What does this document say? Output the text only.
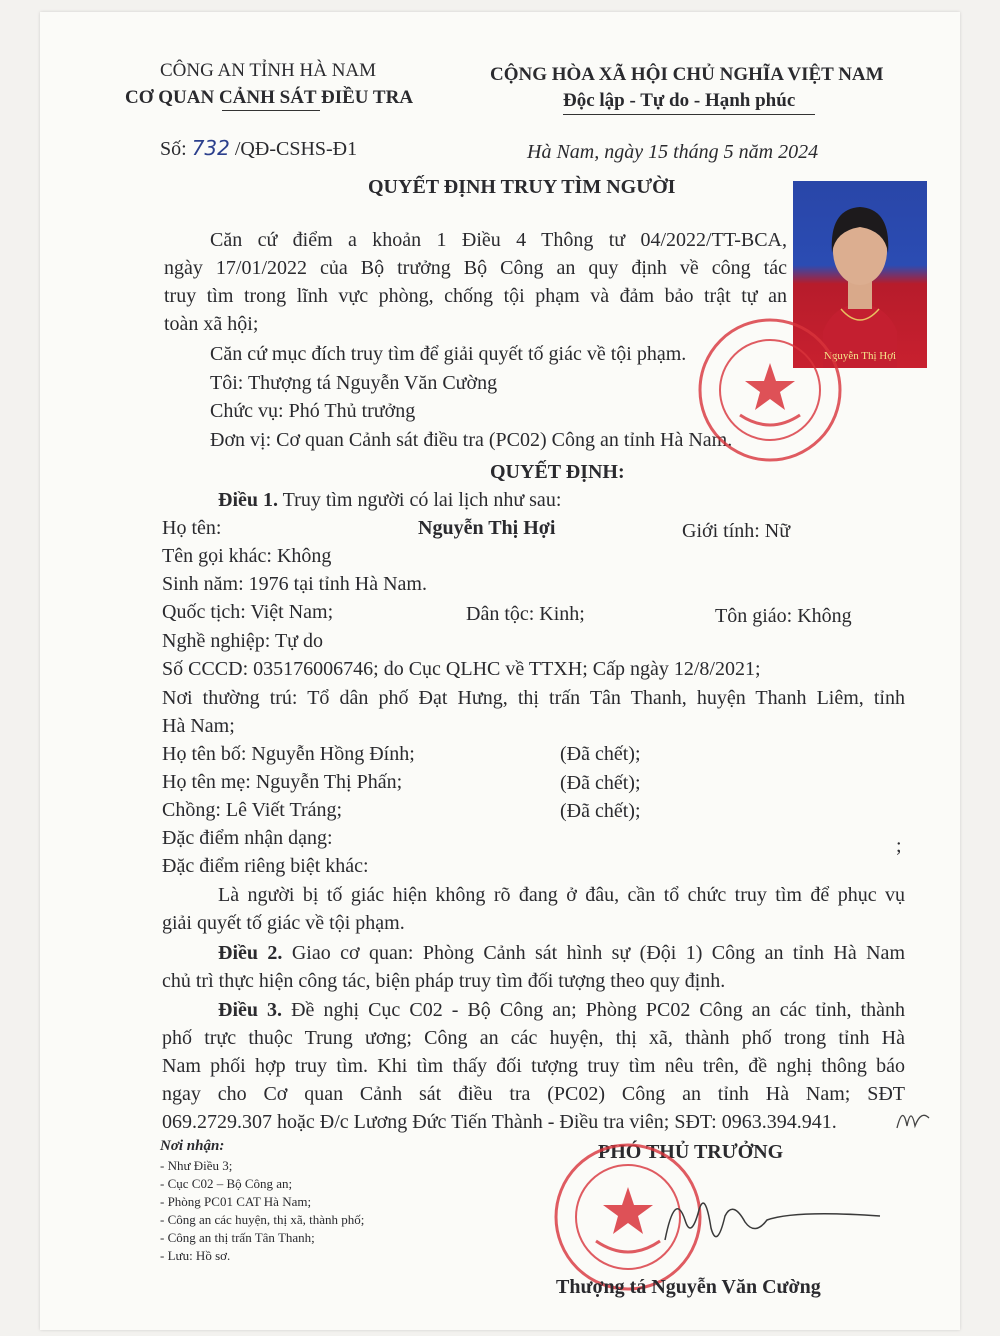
CÔNG AN TỈNH HÀ NAM
CƠ QUAN CẢNH SÁT ĐIỀU TRA
CỘNG HÒA XÃ HỘI CHỦ NGHĨA VIỆT NAM
Độc lập - Tự do - Hạnh phúc
Số: 732 /QĐ-CSHS-Đ1	Hà Nam, ngày 15 tháng 5 năm 2024
QUYẾT ĐỊNH TRUY TÌM NGƯỜI
Nguyễn Thị Hợi
Căn cứ điểm a khoản 1 Điều 4 Thông tư 04/2022/TT-BCA,
ngày 17/01/2022 của Bộ trưởng Bộ Công an quy định về công tác
truy tìm trong lĩnh vực phòng, chống tội phạm và đảm bảo trật tự an
toàn xã hội;
Căn cứ mục đích truy tìm để giải quyết tố giác về tội phạm.
Tôi: Thượng tá Nguyễn Văn Cường
Chức vụ: Phó Thủ trưởng
Đơn vị: Cơ quan Cảnh sát điều tra (PC02) Công an tỉnh Hà Nam.
QUYẾT ĐỊNH:
Điều 1. Truy tìm người có lai lịch như sau:
Họ tên:	Nguyễn Thị Hợi	Giới tính: Nữ
Tên gọi khác: Không
Sinh năm: 1976 tại tỉnh Hà Nam.
Quốc tịch: Việt Nam;	Dân tộc: Kinh;	Tôn giáo: Không
Nghề nghiệp: Tự do
Số CCCD: 035176006746; do Cục QLHC về TTXH; Cấp ngày 12/8/2021;
Nơi thường trú: Tổ dân phố Đạt Hưng, thị trấn Tân Thanh, huyện Thanh Liêm, tỉnh
Hà Nam;
Họ tên bố: Nguyễn Hồng Đính;	(Đã chết);
Họ tên mẹ: Nguyễn Thị Phấn;	(Đã chết);
Chồng: Lê Viết Tráng;	(Đã chết);
Đặc điểm nhận dạng:	;
Đặc điểm riêng biệt khác:
Là người bị tố giác hiện không rõ đang ở đâu, cần tổ chức truy tìm để phục vụ
giải quyết tố giác về tội phạm.
Điều 2. Giao cơ quan: Phòng Cảnh sát hình sự (Đội 1) Công an tỉnh Hà Nam
chủ trì thực hiện công tác, biện pháp truy tìm đối tượng theo quy định.
Điều 3. Đề nghị Cục C02 - Bộ Công an; Phòng PC02 Công an các tỉnh, thành
phố trực thuộc Trung ương; Công an các huyện, thị xã, thành phố trong tỉnh Hà
Nam phối hợp truy tìm. Khi tìm thấy đối tượng truy tìm nêu trên, đề nghị thông báo
ngay cho Cơ quan Cảnh sát điều tra (PC02) Công an tỉnh Hà Nam; SĐT
069.2729.307 hoặc Đ/c Lương Đức Tiến Thành - Điều tra viên; SĐT: 0963.394.941.
Nơi nhận:
- Như Điều 3;
- Cục C02 – Bộ Công an;
- Phòng PC01 CAT Hà Nam;
- Công an các huyện, thị xã, thành phố;
- Công an thị trấn Tân Thanh;
- Lưu: Hồ sơ.
PHÓ THỦ TRƯỞNG
Thượng tá Nguyễn Văn Cường
